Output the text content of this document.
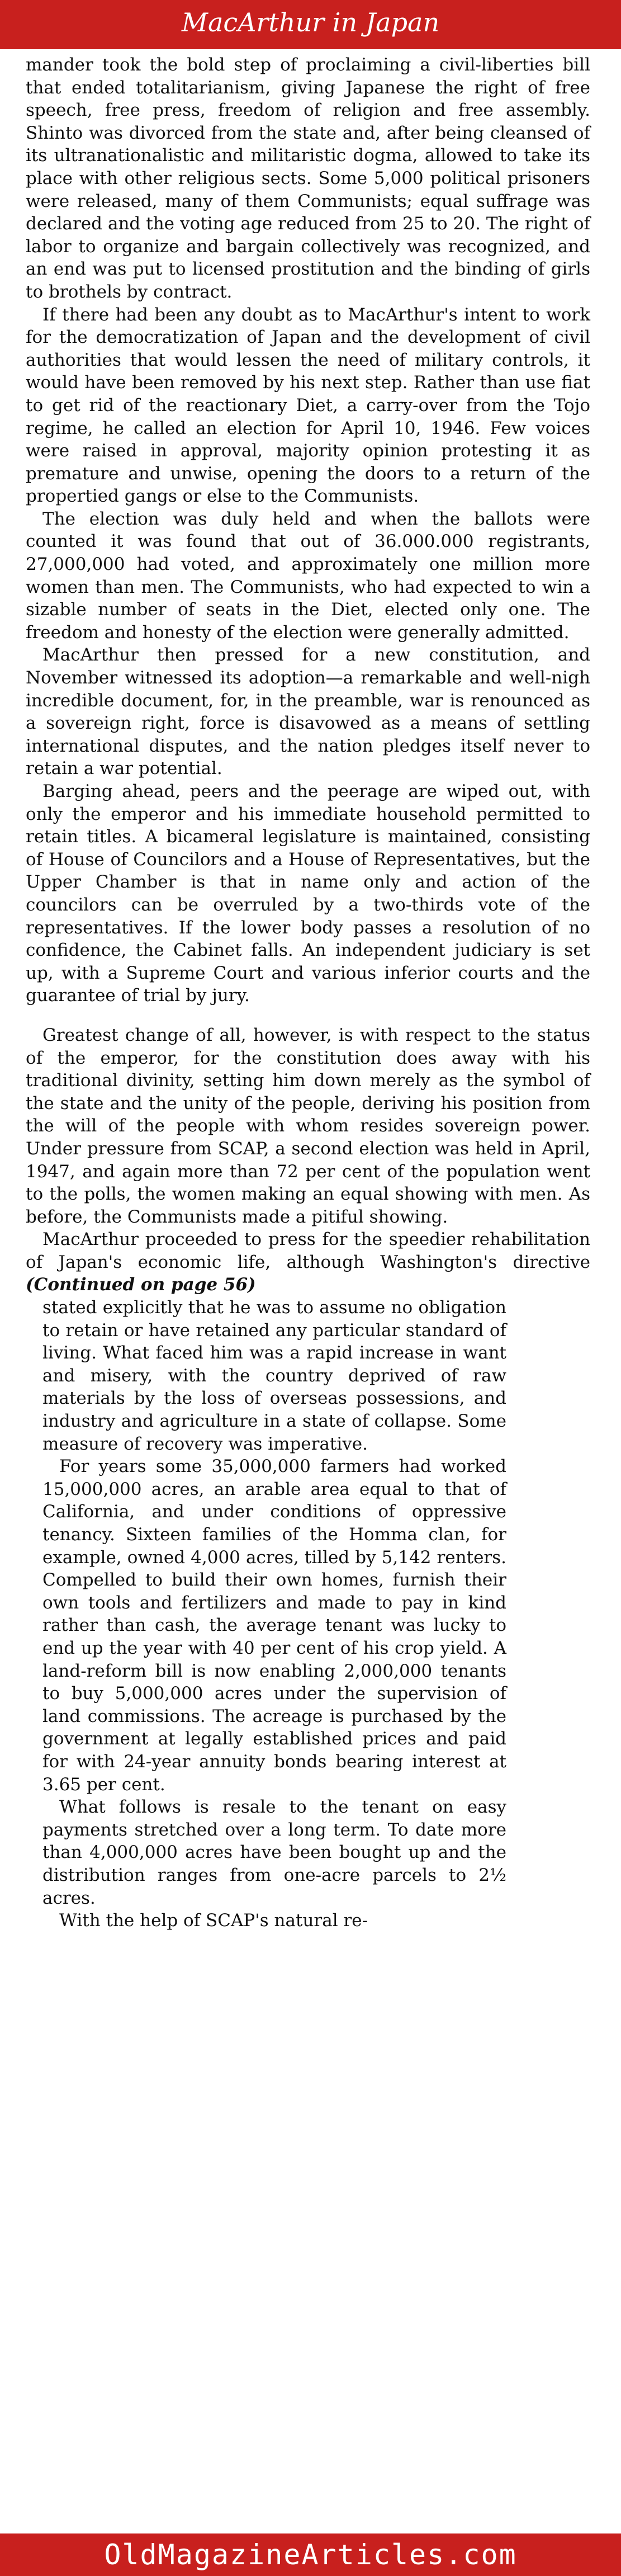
MacArthur in Japan

mander took the bold step of proclaiming a civil-liberties bill that ended totalitarianism, giving Japanese the right of free speech, free press, freedom of religion and free assembly. Shinto was divorced from the state and, after being cleansed of its ultranationalistic and militaristic dogma, allowed to take its place with other religious sects. Some 5,000 political prisoners were released, many of them Communists; equal suffrage was declared and the voting age reduced from 25 to 20. The right of labor to organize and bargain collectively was recognized, and an end was put to licensed prostitution and the binding of girls to brothels by contract.

If there had been any doubt as to MacArthur's intent to work for the democratization of Japan and the development of civil authorities that would lessen the need of military controls, it would have been removed by his next step. Rather than use fiat to get rid of the reactionary Diet, a carry-over from the Tojo regime, he called an election for April 10, 1946. Few voices were raised in approval, majority opinion protesting it as premature and unwise, opening the doors to a return of the propertied gangs or else to the Communists.

The election was duly held and when the ballots were counted it was found that out of 36.000.000 registrants, 27,000,000 had voted, and approximately one million more women than men. The Communists, who had expected to win a sizable number of seats in the Diet, elected only one. The freedom and honesty of the election were generally admitted.

MacArthur then pressed for a new constitution, and November witnessed its adoption—a remarkable and well-nigh incredible document, for, in the preamble, war is renounced as a sovereign right, force is disavowed as a means of settling international disputes, and the nation pledges itself never to retain a war potential.

Barging ahead, peers and the peerage are wiped out, with only the emperor and his immediate household permitted to retain titles. A bicameral legislature is maintained, consisting of House of Councilors and a House of Representatives, but the Upper Chamber is that in name only and action of the councilors can be overruled by a two-thirds vote of the representatives. If the lower body passes a resolution of no confidence, the Cabinet falls. An independent judiciary is set up, with a Supreme Court and various inferior courts and the guarantee of trial by jury.

Greatest change of all, however, is with respect to the status of the emperor, for the constitution does away with his traditional divinity, setting him down merely as the symbol of the state and the unity of the people, deriving his position from the will of the people with whom resides sovereign power. Under pressure from SCAP, a second election was held in April, 1947, and again more than 72 per cent of the population went to the polls, the women making an equal showing with men. As before, the Communists made a pitiful showing.

MacArthur proceeded to press for the speedier rehabilitation of Japan's economic life, although Washington's directive (Continued on page 56)

stated explicitly that he was to assume no obligation to retain or have retained any particular standard of living. What faced him was a rapid increase in want and misery, with the country deprived of raw materials by the loss of overseas possessions, and industry and agriculture in a state of collapse. Some measure of recovery was imperative.

For years some 35,000,000 farmers had worked 15,000,000 acres, an arable area equal to that of California, and under conditions of oppressive tenancy. Sixteen families of the Homma clan, for example, owned 4,000 acres, tilled by 5,142 renters. Compelled to build their own homes, furnish their own tools and fertilizers and made to pay in kind rather than cash, the average tenant was lucky to end up the year with 40 per cent of his crop yield. A land-reform bill is now enabling 2,000,000 tenants to buy 5,000,000 acres under the supervision of land commissions. The acreage is purchased by the government at legally established prices and paid for with 24-year annuity bonds bearing interest at 3.65 per cent.

What follows is resale to the tenant on easy payments stretched over a long term. To date more than 4,000,000 acres have been bought up and the distribution ranges from one-acre parcels to 2½ acres.

With the help of SCAP's natural re-

OldMagazineArticles.com
